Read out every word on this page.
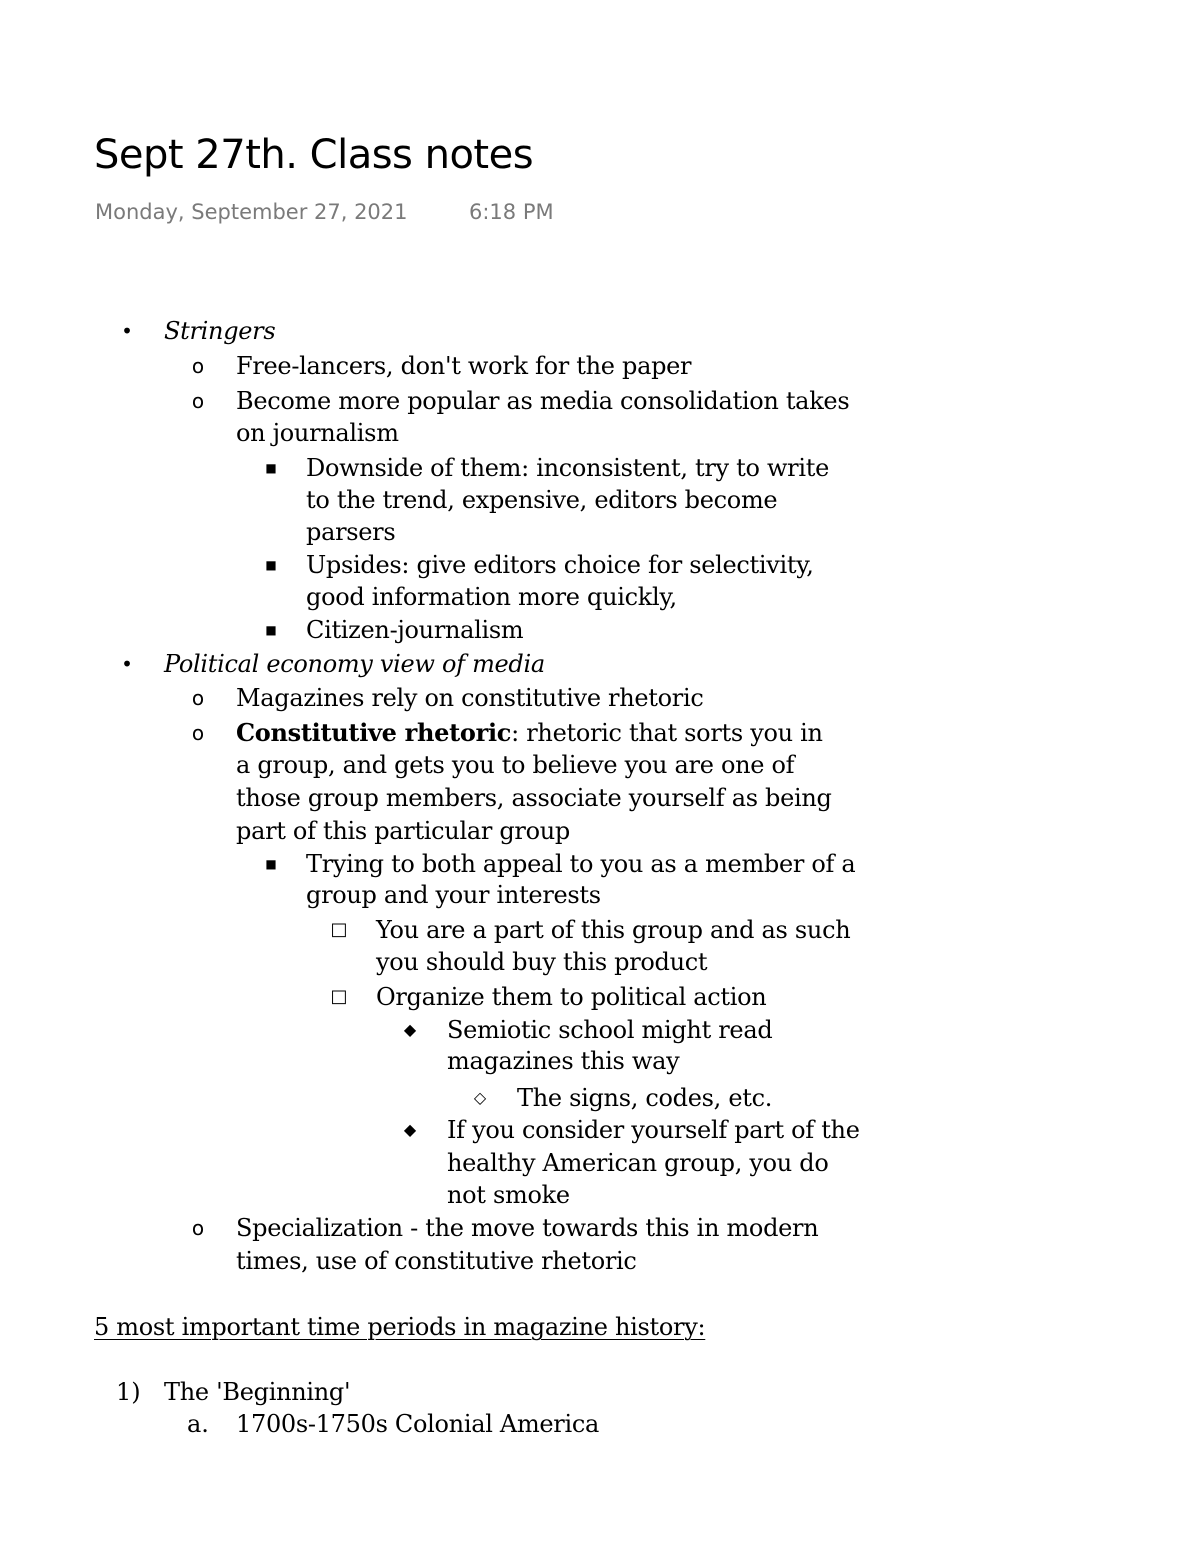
Sept 27th. Class notes
Monday, September 27, 2021	6:18 PM
• Stringers
o Free-lancers, don't work for the paper
o Become more popular as media consolidation takes
on journalism
■ Downside of them: inconsistent, try to write
to the trend, expensive, editors become
parsers
■ Upsides: give editors choice for selectivity,
good information more quickly,
■ Citizen-journalism
• Political economy view of media
o Magazines rely on constitutive rhetoric
o Constitutive rhetoric: rhetoric that sorts you in
a group, and gets you to believe you are one of
those group members, associate yourself as being
part of this particular group
■ Trying to both appeal to you as a member of a
group and your interests
□ You are a part of this group and as such
you should buy this product
□ Organize them to political action
◆ Semiotic school might read
magazines this way
◇ The signs, codes, etc.
◆ If you consider yourself part of the
healthy American group, you do
not smoke
o Specialization - the move towards this in modern
times, use of constitutive rhetoric
5 most important time periods in magazine history:
1) The 'Beginning'
a. 1700s-1750s Colonial America
